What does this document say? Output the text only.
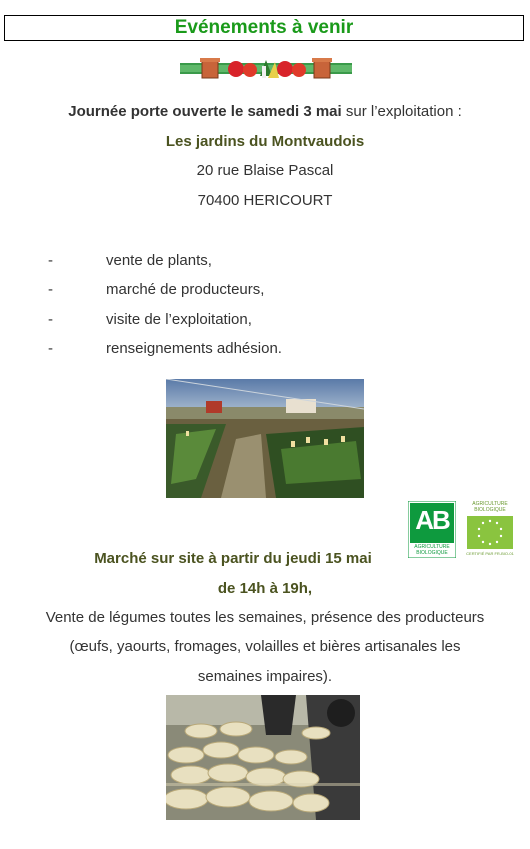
Evénements à venir
Journée porte ouverte le samedi 3 mai sur l’exploitation :
Les jardins du Montvaudois
20 rue Blaise Pascal
70400 HERICOURT
-	vente de plants,
-	marché de producteurs,
-	visite de l’exploitation,
-	renseignements adhésion.
AB
AGRICULTURE
BIOLOGIQUE
AGRICULTURE
BIOLOGIQUE
CERTIFIÉ PAR FR-BIO-01
Marché sur site à partir du jeudi 15 mai
de 14h à 19h,
Vente de légumes toutes les semaines, présence des producteurs
(œufs, yaourts, fromages, volailles et bières artisanales les
semaines impaires).
